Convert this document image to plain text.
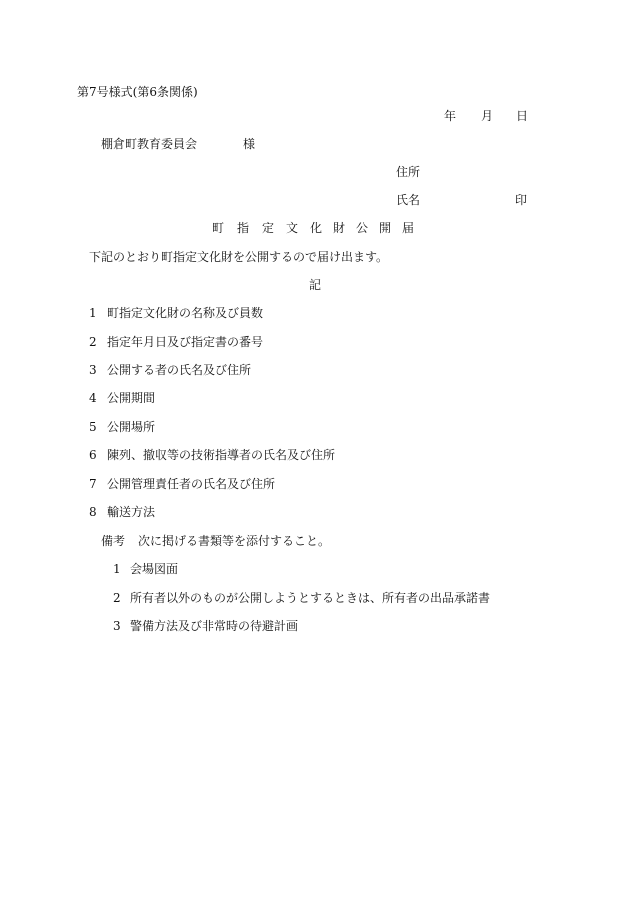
第7号様式(第6条関係)
年 月 日
棚倉町教育委員会	様
住所
氏名	印
町 指 定 文 化 財 公 開 届
下記のとおり町指定文化財を公開するので届け出ます。
記
1 町指定文化財の名称及び員数
2 指定年月日及び指定書の番号
3 公開する者の氏名及び住所
4 公開期間
5 公開場所
6 陳列、撤収等の技術指導者の氏名及び住所
7 公開管理責任者の氏名及び住所
8 輸送方法
備考 次に掲げる書類等を添付すること。
1 会場図面
2 所有者以外のものが公開しようとするときは、所有者の出品承諾書
3 警備方法及び非常時の待避計画
